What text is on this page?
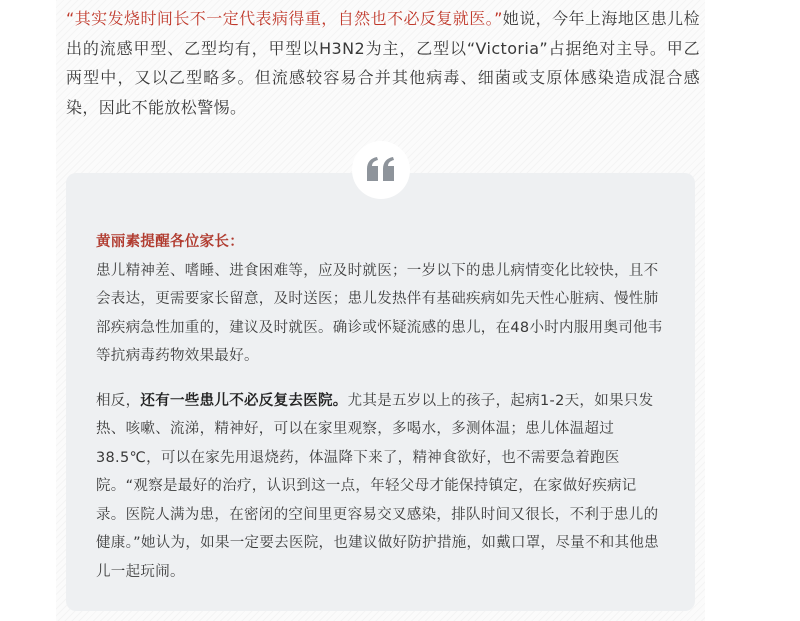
“其实发烧时间长不一定代表病得重，自然也不必反复就医。”她说，今年上海地区患儿检出的流感甲型、乙型均有，甲型以H3N2为主，乙型以“Victoria”占据绝对主导。甲乙两型中，又以乙型略多。但流感较容易合并其他病毒、细菌或支原体感染造成混合感染，因此不能放松警惕。

黄丽素提醒各位家长：

患儿精神差、嗜睡、进食困难等，应及时就医；一岁以下的患儿病情变化比较快，且不会表达，更需要家长留意，及时送医；患儿发热伴有基础疾病如先天性心脏病、慢性肺部疾病急性加重的，建议及时就医。确诊或怀疑流感的患儿，在48小时内服用奥司他韦等抗病毒药物效果最好。

相反，还有一些患儿不必反复去医院。尤其是五岁以上的孩子，起病1-2天，如果只发热、咳嗽、流涕，精神好，可以在家里观察，多喝水，多测体温；患儿体温超过38.5℃，可以在家先用退烧药，体温降下来了，精神食欲好，也不需要急着跑医院。“观察是最好的治疗，认识到这一点，年轻父母才能保持镇定，在家做好疾病记录。医院人满为患，在密闭的空间里更容易交叉感染，排队时间又很长，不利于患儿的健康。”她认为，如果一定要去医院，也建议做好防护措施，如戴口罩，尽量不和其他患儿一起玩闹。
